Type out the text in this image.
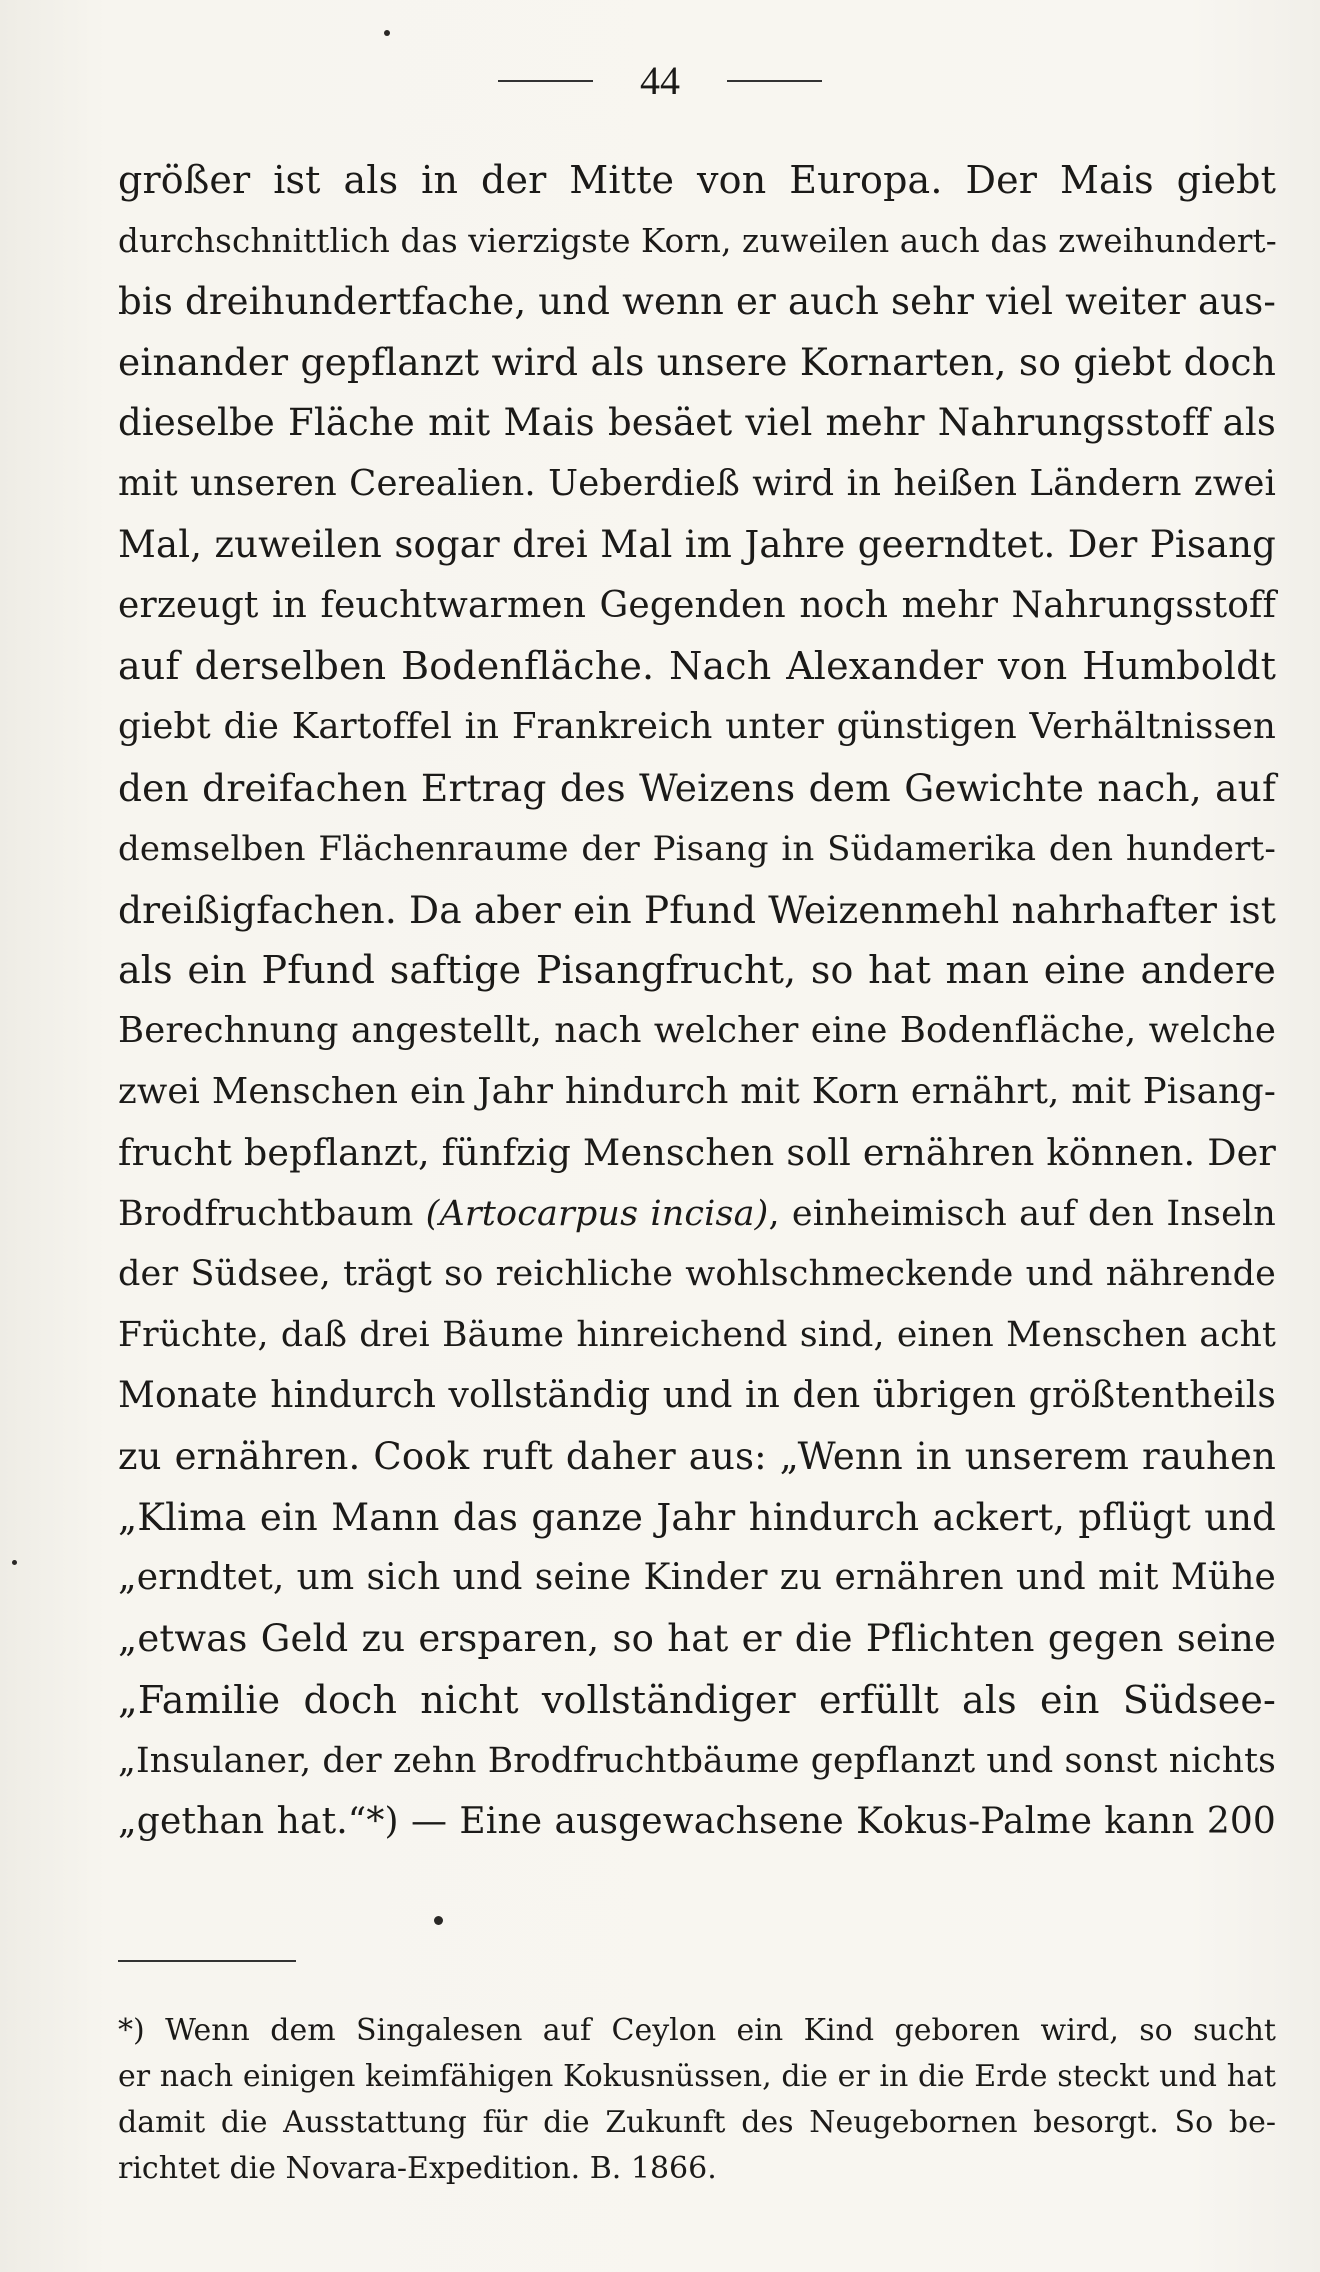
44
größer ist als in der Mitte von Europa. Der Mais giebt
durchschnittlich das vierzigste Korn, zuweilen auch das zweihundert-
bis dreihundertfache, und wenn er auch sehr viel weiter aus-
einander gepflanzt wird als unsere Kornarten, so giebt doch
dieselbe Fläche mit Mais besäet viel mehr Nahrungsstoff als
mit unseren Cerealien. Ueberdieß wird in heißen Ländern zwei
Mal, zuweilen sogar drei Mal im Jahre geerndtet. Der Pisang
erzeugt in feuchtwarmen Gegenden noch mehr Nahrungsstoff
auf derselben Bodenfläche. Nach Alexander von Humboldt
giebt die Kartoffel in Frankreich unter günstigen Verhältnissen
den dreifachen Ertrag des Weizens dem Gewichte nach, auf
demselben Flächenraume der Pisang in Südamerika den hundert-
dreißigfachen. Da aber ein Pfund Weizenmehl nahrhafter ist
als ein Pfund saftige Pisangfrucht, so hat man eine andere
Berechnung angestellt, nach welcher eine Bodenfläche, welche
zwei Menschen ein Jahr hindurch mit Korn ernährt, mit Pisang-
frucht bepflanzt, fünfzig Menschen soll ernähren können. Der
Brodfruchtbaum (Artocarpus incisa), einheimisch auf den Inseln
der Südsee, trägt so reichliche wohlschmeckende und nährende
Früchte, daß drei Bäume hinreichend sind, einen Menschen acht
Monate hindurch vollständig und in den übrigen größtentheils
zu ernähren. Cook ruft daher aus: „Wenn in unserem rauhen
„Klima ein Mann das ganze Jahr hindurch ackert, pflügt und
„erndtet, um sich und seine Kinder zu ernähren und mit Mühe
„etwas Geld zu ersparen, so hat er die Pflichten gegen seine
„Familie doch nicht vollständiger erfüllt als ein Südsee-
„Insulaner, der zehn Brodfruchtbäume gepflanzt und sonst nichts
„gethan hat.“*) — Eine ausgewachsene Kokus-Palme kann 200
*) Wenn dem Singalesen auf Ceylon ein Kind geboren wird, so sucht
er nach einigen keimfähigen Kokusnüssen, die er in die Erde steckt und hat
damit die Ausstattung für die Zukunft des Neugebornen besorgt. So be-
richtet die Novara-Expedition. B. 1866.
